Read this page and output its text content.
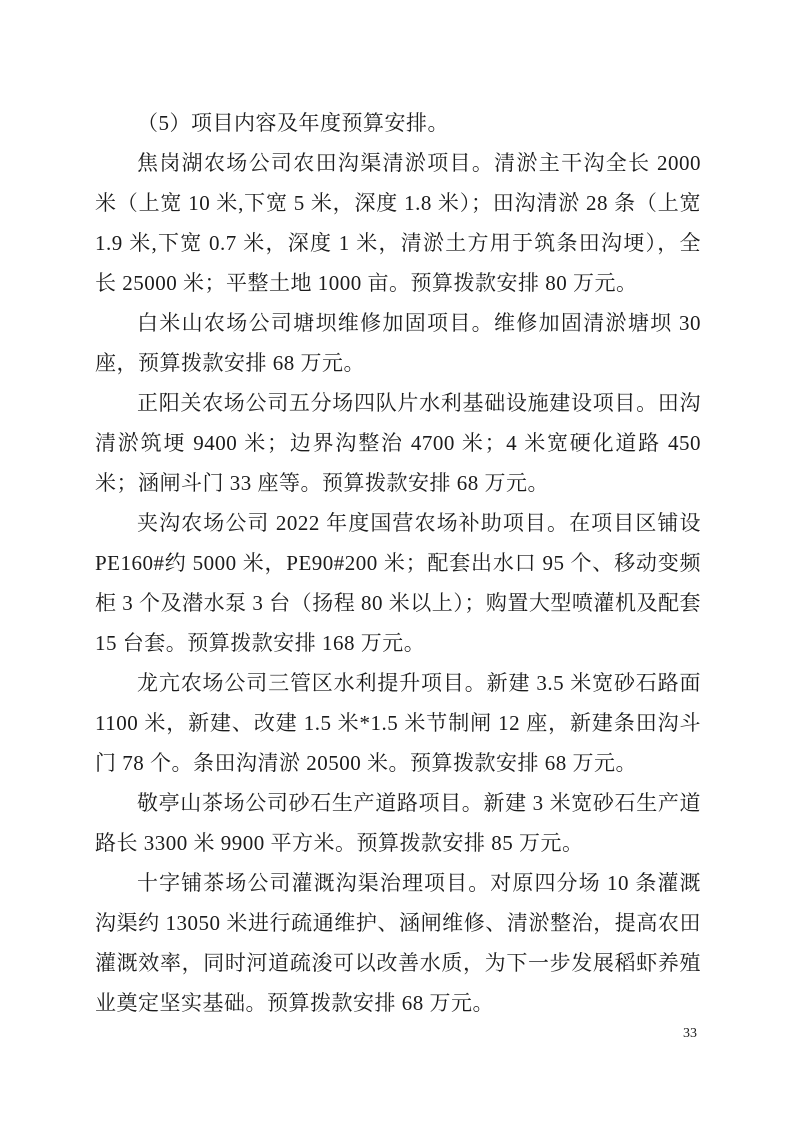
（5）项目内容及年度预算安排。

焦岗湖农场公司农田沟渠清淤项目。清淤主干沟全长 2000 米（上宽 10 米,下宽 5 米，深度 1.8 米）；田沟清淤 28 条（上宽 1.9 米,下宽 0.7 米，深度 1 米，清淤土方用于筑条田沟埂），全长 25000 米；平整土地 1000 亩。预算拨款安排 80 万元。

白米山农场公司塘坝维修加固项目。维修加固清淤塘坝 30 座，预算拨款安排 68 万元。

正阳关农场公司五分场四队片水利基础设施建设项目。田沟清淤筑埂 9400 米；边界沟整治 4700 米；4 米宽硬化道路 450 米；涵闸斗门 33 座等。预算拨款安排 68 万元。

夹沟农场公司 2022 年度国营农场补助项目。在项目区铺设 PE160#约 5000 米，PE90#200 米；配套出水口 95 个、移动变频柜 3 个及潜水泵 3 台（扬程 80 米以上）；购置大型喷灌机及配套 15 台套。预算拨款安排 168 万元。

龙亢农场公司三管区水利提升项目。新建 3.5 米宽砂石路面 1100 米，新建、改建 1.5 米*1.5 米节制闸 12 座，新建条田沟斗门 78 个。条田沟清淤 20500 米。预算拨款安排 68 万元。

敬亭山茶场公司砂石生产道路项目。新建 3 米宽砂石生产道路长 3300 米 9900 平方米。预算拨款安排 85 万元。

十字铺茶场公司灌溉沟渠治理项目。对原四分场 10 条灌溉沟渠约 13050 米进行疏通维护、涵闸维修、清淤整治，提高农田灌溉效率，同时河道疏浚可以改善水质，为下一步发展稻虾养殖业奠定坚实基础。预算拨款安排 68 万元。

33
